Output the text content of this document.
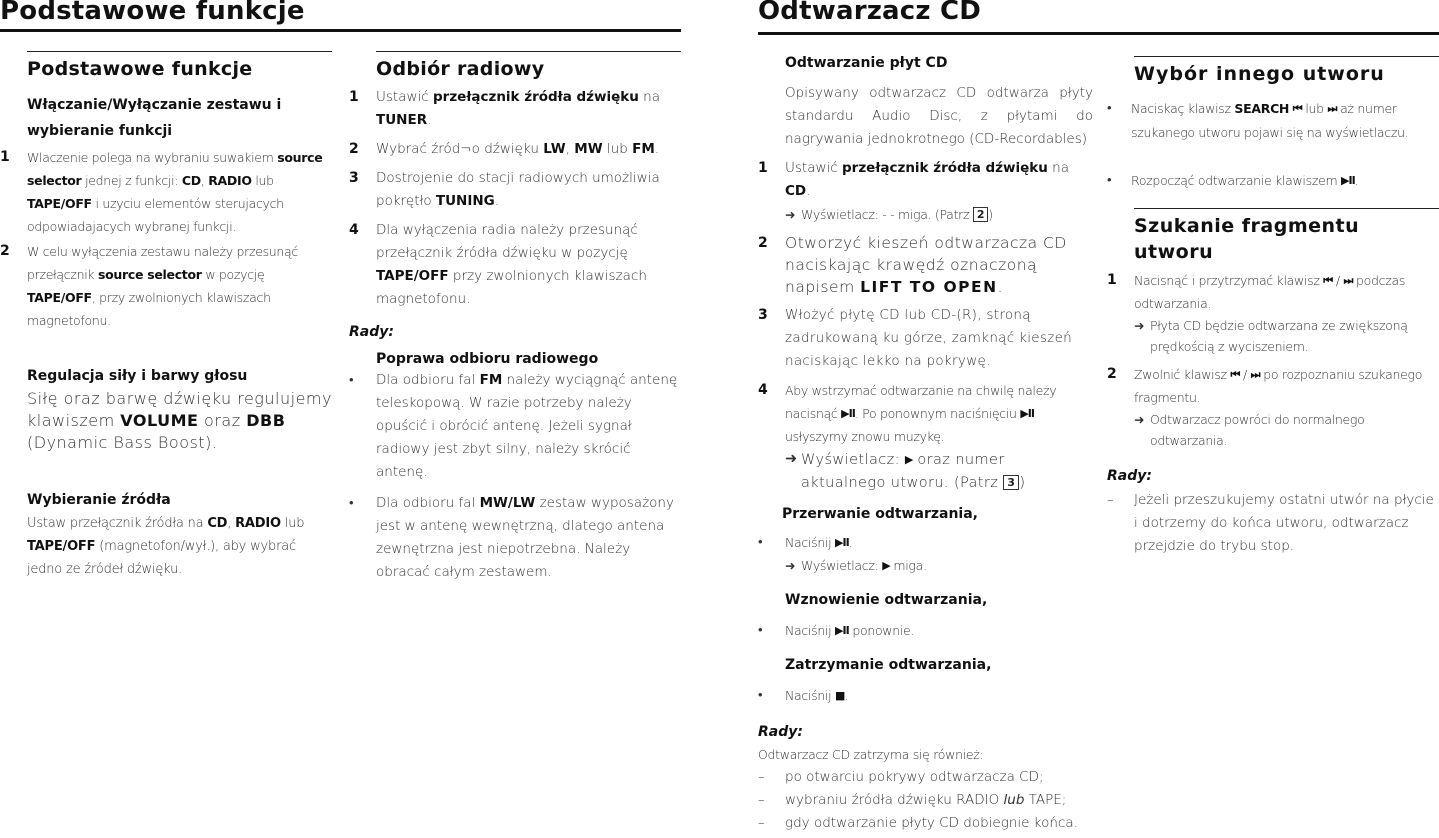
Podstawowe funkcje
Podstawowe funkcje
Włączanie/Wyłączanie zestawu i
wybieranie funkcji
1 Wlaczenie polega na wybraniu suwakiem source selector jednej z funkcji: CD, RADIO lub TAPE/OFF i uzyciu elementów sterujacych odpowiadajacych wybranej funkcji.
2 W celu wyłączenia zestawu należy przesunąć przełącznik source selector w pozycję TAPE/OFF, przy zwolnionych klawiszach magnetofonu.
Regulacja siły i barwy głosu
Siłę oraz barwę dźwięku regulujemy klawiszem VOLUME oraz DBB (Dynamic Bass Boost).
Wybieranie źródła
Ustaw przełącznik źródła na CD, RADIO lub TAPE/OFF (magnetofon/wył.), aby wybrać jedno ze źródeł dźwięku.
Odbiór radiowy
1 Ustawić przełącznik źródła dźwięku na TUNER.
2 Wybrać źród¬o dźwięku LW, MW lub FM.
3 Dostrojenie do stacji radiowych umożliwia pokrętło TUNING.
4 Dla wyłączenia radia należy przesunąć przełącznik źródła dźwięku w pozycję TAPE/OFF przy zwolnionych klawiszach magnetofonu.
Rady:
Poprawa odbioru radiowego
• Dla odbioru fal FM należy wyciągnąć antenę teleskopową. W razie potrzeby należy opuścić i obrócić antenę. Jeżeli sygnał radiowy jest zbyt silny, należy skrócić antenę.
• Dla odbioru fal MW/LW zestaw wyposażony jest w antenę wewnętrzną, dlatego antena zewnętrzna jest niepotrzebna. Należy obracać całym zestawem.
Odtwarzacz CD
Odtwarzanie płyt CD
Opisywany odtwarzacz CD odtwarza płyty standardu Audio Disc, z płytami do nagrywania jednokrotnego (CD-Recordables)
1 Ustawić przełącznik źródła dźwięku na CD.
➜ Wyświetlacz: - - miga. (Patrz 2 )
2 Otworzyć kieszeń odtwarzacza CD naciskając krawędź oznaczoną napisem LIFT TO OPEN.
3 Włożyć płytę CD lub CD-(R), stroną zadrukowaną ku górze, zamknąć kieszeń naciskając lekko na pokrywę.
4 Aby wstrzymać odtwarzanie na chwilę należy nacisnąć ▶II. Po ponownym naciśnięciu ▶II usłyszymy znowu muzykę.
➜ Wyświetlacz: ▶ oraz numer aktualnego utworu. (Patrz 3 )
Przerwanie odtwarzania,
• Naciśnij ▶II.
➜ Wyświetlacz: ▶ miga.
Wznowienie odtwarzania,
• Naciśnij ▶II ponownie.
Zatrzymanie odtwarzania,
• Naciśnij ■.
Rady:
Odtwarzacz CD zatrzyma się również:
– po otwarciu pokrywy odtwarzacza CD;
– wybraniu źródła dźwięku RADIO lub TAPE;
– gdy odtwarzanie płyty CD dobiegnie końca.
Wybór innego utworu
• Naciskaç klawisz SEARCH ⏮ lub ⏭ aż numer szukanego utworu pojawi się na wyświetlaczu.
• Rozpocząć odtwarzanie klawiszem ▶II.
Szukanie fragmentu utworu
1 Nacisnąć i przytrzymać klawisz ⏮ / ⏭ podczas odtwarzania.
➜ Płyta CD będzie odtwarzana ze zwiększoną prędkością z wyciszeniem.
2 Zwolnić klawisz ⏮ / ⏭ po rozpoznaniu szukanego fragmentu.
➜ Odtwarzacz powróci do normalnego odtwarzania.
Rady:
– Jeżeli przeszukujemy ostatni utwór na płycie i dotrzemy do końca utworu, odtwarzacz przejdzie do trybu stop.
